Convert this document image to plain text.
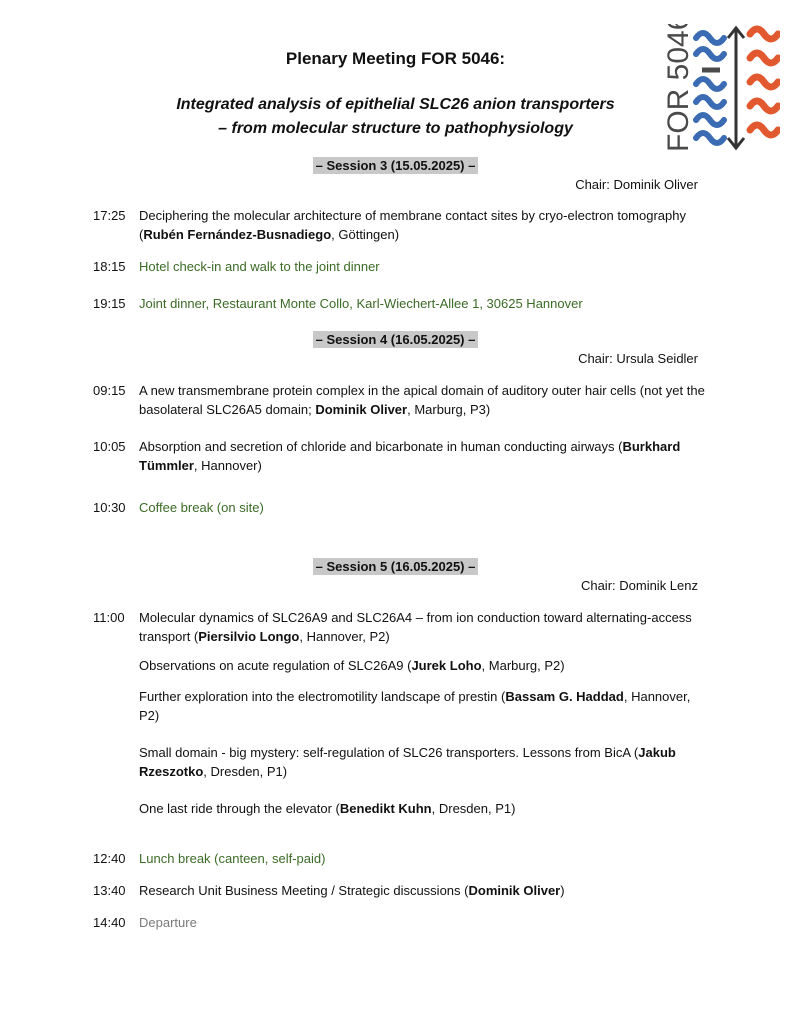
Plenary Meeting FOR 5046:
Integrated analysis of epithelial SLC26 anion transporters
– from molecular structure to pathophysiology	FOR 5046
– Session 3 (15.05.2025) –
Chair: Dominik Oliver
17:25	Deciphering the molecular architecture of membrane contact sites by cryo-electron tomography (Rubén Fernández-Busnadiego, Göttingen)
18:15	Hotel check-in and walk to the joint dinner
19:15	Joint dinner, Restaurant Monte Collo, Karl-Wiechert-Allee 1, 30625 Hannover
– Session 4 (16.05.2025) –
Chair: Ursula Seidler
09:15	A new transmembrane protein complex in the apical domain of auditory outer hair cells (not yet the basolateral SLC26A5 domain; Dominik Oliver, Marburg, P3)
10:05	Absorption and secretion of chloride and bicarbonate in human conducting airways (Burkhard Tümmler, Hannover)
10:30	Coffee break (on site)
– Session 5 (16.05.2025) –
Chair: Dominik Lenz
11:00	Molecular dynamics of SLC26A9 and SLC26A4 – from ion conduction toward alternating-access transport (Piersilvio Longo, Hannover, P2)
Observations on acute regulation of SLC26A9 (Jurek Loho, Marburg, P2)
Further exploration into the electromotility landscape of prestin (Bassam G. Haddad, Hannover, P2)
Small domain - big mystery: self-regulation of SLC26 transporters. Lessons from BicA (Jakub Rzeszotko, Dresden, P1)
One last ride through the elevator (Benedikt Kuhn, Dresden, P1)
12:40	Lunch break (canteen, self-paid)
13:40	Research Unit Business Meeting / Strategic discussions (Dominik Oliver)
14:40	Departure
